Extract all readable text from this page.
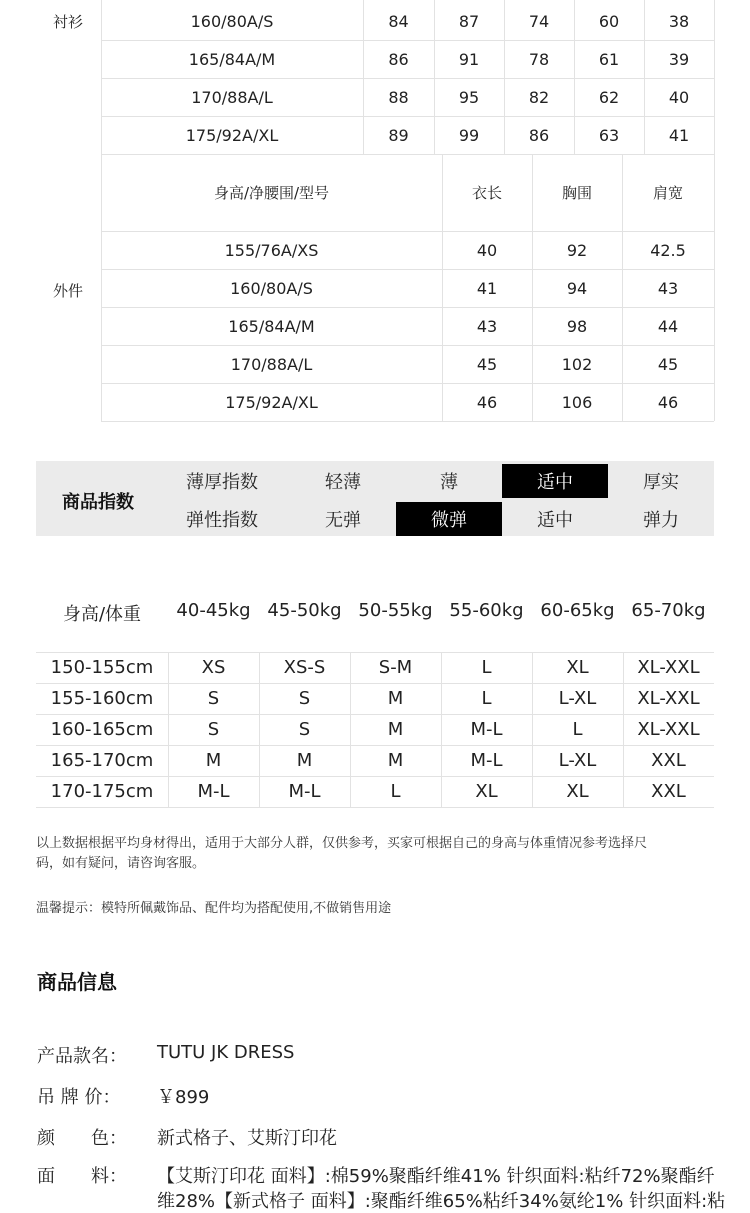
衬衫	160/80A/S	84	87	74	60	38
165/84A/M	86	91	78	61	39
170/88A/L	88	95	82	62	40
175/92A/XL	89	99	86	63	41
外件
身高/净腰围/型号	衣长	胸围	肩宽
155/76A/XS	40	92	42.5
160/80A/S	41	94	43
165/84A/M	43	98	44
170/88A/L	45	102	45
175/92A/XL	46	106	46
商品指数
薄厚指数	轻薄	薄	适中	厚实
弹性指数	无弹	微弹	适中	弹力
身高/体重	40-45kg 45-50kg 50-55kg 55-60kg 60-65kg 65-70kg
150-155cm	XS	XS-S	S-M	L	XL	XL-XXL
155-160cm	S	S	M	L	L-XL	XL-XXL
160-165cm	S	S	M	M-L	L	XL-XXL
165-170cm	M	M	M	M-L	L-XL	XXL
170-175cm	M-L	M-L	L	XL	XL	XXL
以上数据根据平均身材得出，适用于大部分人群，仅供参考，买家可根据自己的身高与体重情况参考选择尺
码，如有疑问，请咨询客服。
温馨提示：模特所佩戴饰品、配件均为搭配使用,不做销售用途
商品信息
产品款名： TUTU JK DRESS
吊 牌 价： ￥899
颜　　色： 新式格子、艾斯汀印花
面　　料： 【艾斯汀印花 面料】:棉59%聚酯纤维41% 针织面料:粘纤72%聚酯纤
维28%【新式格子 面料】:聚酯纤维65%粘纤34%氨纶1% 针织面料:粘
